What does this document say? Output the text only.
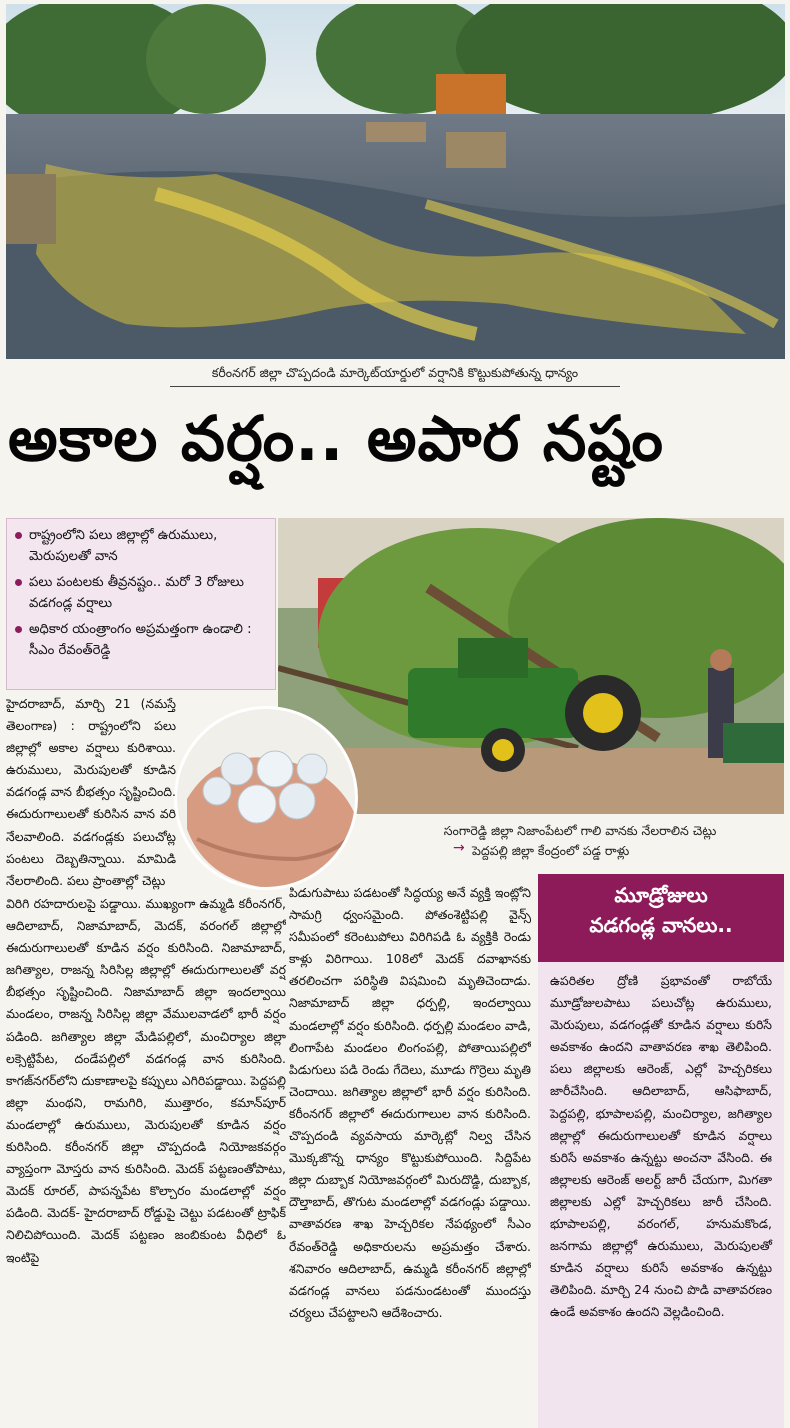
కరీంనగర్ జిల్లా చొప్పదండి మార్కెట్‌యార్డులో వర్షానికి కొట్టుకుపోతున్న ధాన్యం
అకాల వర్షం.. అపార నష్టం
రాష్ట్రంలోని పలు జిల్లాల్లో ఉరుములు, మెరుపులతో వాన
పలు పంటలకు తీవ్రనష్టం.. మరో 3 రోజులు వడగండ్ల వర్షాలు
అధికార యంత్రాంగం అప్రమత్తంగా ఉండాలి : సీఎం రేవంత్‌రెడ్డి
సంగారెడ్డి జిల్లా నిజాంపేటలో గాలి వానకు నేలరాలిన చెట్లు
→ పెద్దపల్లి జిల్లా కేంద్రంలో పడ్డ రాళ్లు

హైదరాబాద్, మార్చి 21 (నమస్తే తెలంగాణ) : రాష్ట్రంలోని పలు జిల్లాల్లో అకాల వర్షాలు కురిశాయి. ఉరుములు, మెరుపులతో కూడిన వడగండ్ల వాన బీభత్సం సృష్టించింది. ఈదురుగాలులతో కురిసిన వాన వరి నేలవాలింది. వడగండ్లకు పలుచోట్ల పంటలు దెబ్బతిన్నాయి. మామిడి నేలరాలింది. పలు ప్రాంతాల్లో చెట్లు

విరిగి రహదారులపై పడ్డాయి. ముఖ్యంగా ఉమ్మడి కరీంనగర్, ఆదిలాబాద్, నిజామాబాద్, మెదక్, వరంగల్ జిల్లాల్లో ఈదురుగాలులతో కూడిన వర్షం కురిసింది. నిజామాబాద్, జగిత్యాల, రాజన్న సిరిసిల్ల జిల్లాల్లో ఈదురుగాలులతో వర్ష బీభత్సం సృష్టించింది. నిజామాబాద్ జిల్లా ఇందల్వాయి మండలం, రాజన్న సిరిసిల్ల జిల్లా వేములవాడలో భారీ వర్షం పడింది. జగిత్యాల జిల్లా మేడిపల్లిలో, మంచిర్యాల జిల్లా లక్సెట్టిపేట, దండేపల్లిలో వడగండ్ల వాన కురిసింది. కాగజ్‌నగర్‌లోని దుకాణాలపై కప్పులు ఎగిరిపడ్డాయి. పెద్దపల్లి జిల్లా మంథని, రామగిరి, ముత్తారం, కమాన్‌పూర్ మండలాల్లో ఉరుములు, మెరుపులతో కూడిన వర్షం కురిసింది. కరీంనగర్ జిల్లా చొప్పదండి నియోజకవర్గం వ్యాప్తంగా మోస్తరు వాన కురిసింది. మెదక్ పట్టణంతోపాటు, మెదక్ రూరల్, పాపన్నపేట కొల్చారం మండలాల్లో వర్షం పడింది. మెదక్- హైదరాబాద్ రోడ్డుపై చెట్టు పడటంతో ట్రాఫిక్ నిలిచిపోయింది. మెదక్ పట్టణం జంబికుంట వీధిలో ఓ ఇంటిపై

పిడుగుపాటు పడటంతో సిద్ధయ్య అనే వ్యక్తి ఇంట్లోని సామగ్రి ధ్వంసమైంది. పోతంశెట్టిపల్లి వైన్స్ సమీపంలో కరెంటుపోలు విరిగిపడి ఓ వ్యక్తికి రెండు కాళ్లు విరిగాయి. 108లో మెదక్ దవాఖానకు తరలించగా పరిస్థితి విషమించి మృతిచెందాడు. నిజామాబాద్ జిల్లా ధర్పల్లి, ఇందల్వాయి మండలాల్లో వర్షం కురిసింది. ధర్పల్లి మండలం వాడి, లింగాపేట మండలం లింగంపల్లి, పోతాయిపల్లిలో పిడుగులు పడి రెండు గేదెలు, మూడు గొర్రెలు మృతి చెందాయి. జగిత్యాల జిల్లాలో భారీ వర్షం కురిసింది. కరీంనగర్ జిల్లాలో ఈదురుగాలుల వాన కురిసింది. చొప్పదండి వ్యవసాయ మార్కెట్లో నిల్వ చేసిన మొక్కజొన్న ధాన్యం కొట్టుకుపోయింది. సిద్దిపేట జిల్లా దుబ్బాక నియోజవర్గంలో మిరుదొడ్డి, దుబ్బాక, దౌల్తాబాద్, తొగుట మండలాల్లో వడగండ్లు పడ్డాయి. వాతావరణ శాఖ హెచ్చరికల నేపథ్యంలో సీఎం రేవంత్‌రెడ్డి అధికారులను అప్రమత్తం చేశారు. శనివారం ఆదిలాబాద్, ఉమ్మడి కరీంనగర్ జిల్లాల్లో వడగండ్ల వానలు పడనుండటంతో ముందస్తు చర్యలు చేపట్టాలని ఆదేశించారు.

మూడ్రోజులు
వడగండ్ల వానలు..
ఉపరితల ద్రోణి ప్రభావంతో రాబోయే మూడ్రోజులపాటు పలుచోట్ల ఉరుములు, మెరుపులు, వడగండ్లతో కూడిన వర్షాలు కురిసే అవకాశం ఉందని వాతావరణ శాఖ తెలిపింది. పలు జిల్లాలకు ఆరెంజ్, ఎల్లో హెచ్చరికలు జారీచేసింది. ఆదిలాబాద్, ఆసిఫాబాద్, పెద్దపల్లి, భూపాలపల్లి, మంచిర్యాల, జగిత్యాల జిల్లాల్లో ఈదురుగాలులతో కూడిన వర్షాలు కురిసే అవకాశం ఉన్నట్టు అంచనా వేసింది. ఈ జిల్లాలకు ఆరెంజ్ అలర్ట్ జారీ చేయగా, మిగతా జిల్లాలకు ఎల్లో హెచ్చరికలు జారీ చేసింది. భూపాలపల్లి, వరంగల్, హనుమకొండ, జనగామ జిల్లాల్లో ఉరుములు, మెరుపులతో కూడిన వర్షాలు కురిసే అవకాశం ఉన్నట్టు తెలిపింది. మార్చి 24 నుంచి పొడి వాతావరణం ఉండే అవకాశం ఉందని వెల్లడించింది.
